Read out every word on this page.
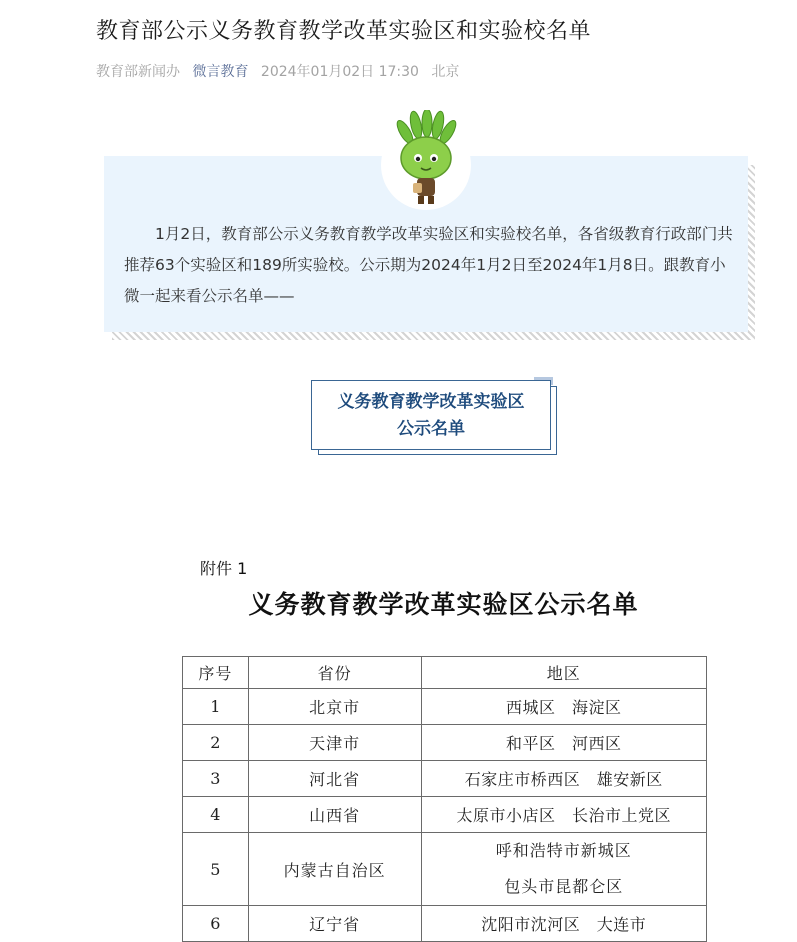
教育部公示义务教育教学改革实验区和实验校名单
教育部新闻办 微言教育 2024年01月02日 17:30 北京

1月2日，教育部公示义务教育教学改革实验区和实验校名单，各省级教育行政部门共推荐63个实验区和189所实验校。公示期为2024年1月2日至2024年1月8日。跟教育小微一起来看公示名单——

义务教育教学改革实验区
公示名单
附件 1
义务教育教学改革实验区公示名单
序号	省份	地区
1	北京市	西城区　海淀区
2	天津市	和平区　河西区
3	河北省	石家庄市桥西区　雄安新区
4	山西省	太原市小店区　长治市上党区
5	内蒙古自治区	呼和浩特市新城区
包头市昆都仑区

6	辽宁省	沈阳市沈河区　大连市
